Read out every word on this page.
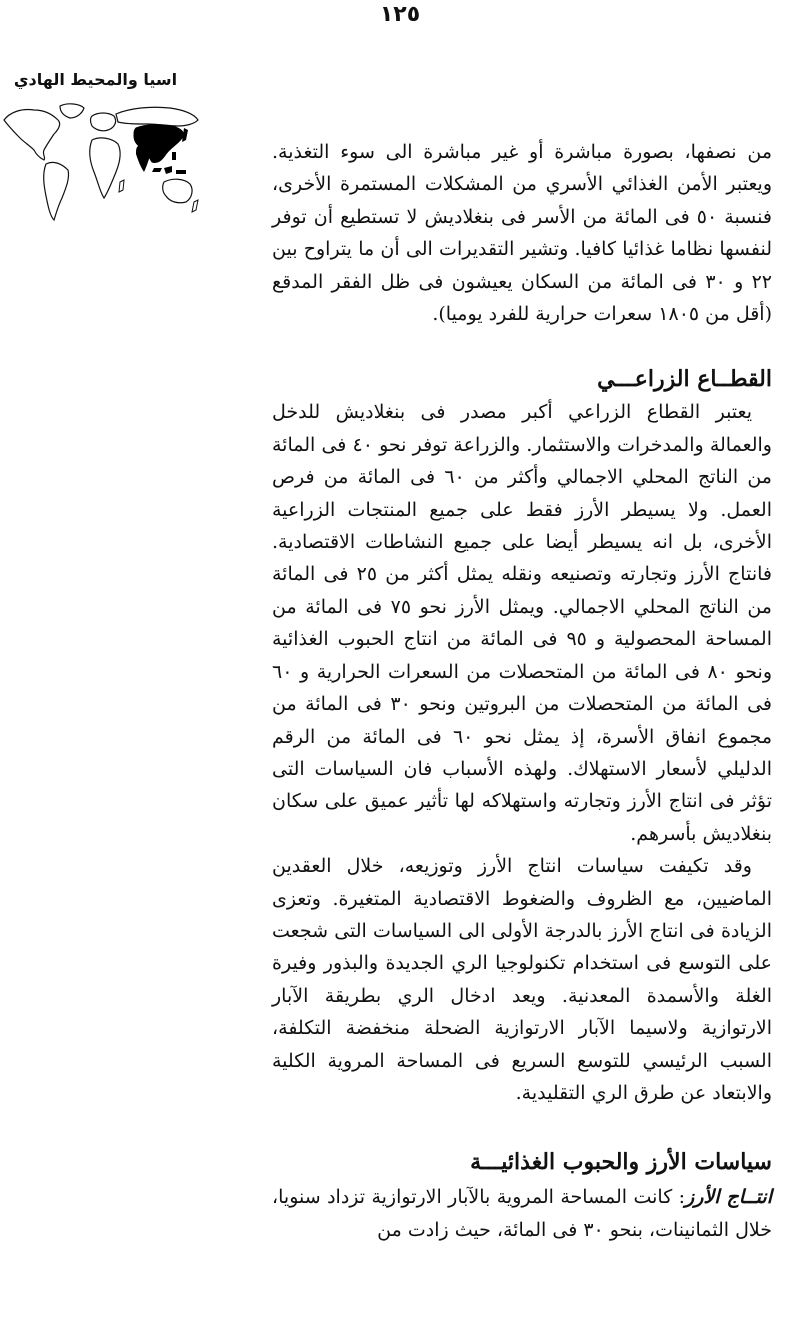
١٢٥
اسيا والمحيط الهادي

من نصفها، بصورة مباشرة أو غير مباشرة الى سوء التغذية. ويعتبر الأمن الغذائي الأسري من المشكلات المستمرة الأخرى، فنسبة ٥٠ فى المائة من الأسر فى بنغلاديش لا تستطيع أن توفر لنفسها نظاما غذائيا كافيا. وتشير التقديرات الى أن ما يتراوح بين ٢٢ و ٣٠ فى المائة من السكان يعيشون فى ظل الفقر المدقع (أقل من ١٨٠٥ سعرات حرارية للفرد يوميا).

القطــاع الزراعـــي

يعتبر القطاع الزراعي أكبر مصدر فى بنغلاديش للدخل والعمالة والمدخرات والاستثمار. والزراعة توفر نحو ٤٠ فى المائة من الناتج المحلي الاجمالي وأكثر من ٦٠ فى المائة من فرص العمل. ولا يسيطر الأرز فقط على جميع المنتجات الزراعية الأخرى، بل انه يسيطر أيضا على جميع النشاطات الاقتصادية. فانتاج الأرز وتجارته وتصنيعه ونقله يمثل أكثر من ٢٥ فى المائة من الناتج المحلي الاجمالي. ويمثل الأرز نحو ٧٥ فى المائة من المساحة المحصولية و ٩٥ فى المائة من انتاج الحبوب الغذائية ونحو ٨٠ فى المائة من المتحصلات من السعرات الحرارية و ٦٠ فى المائة من المتحصلات من البروتين ونحو ٣٠ فى المائة من مجموع انفاق الأسرة، إذ يمثل نحو ٦٠ فى المائة من الرقم الدليلي لأسعار الاستهلاك. ولهذه الأسباب فان السياسات التى تؤثر فى انتاج الأرز وتجارته واستهلاكه لها تأثير عميق على سكان بنغلاديش بأسرهم.

وقد تكيفت سياسات انتاج الأرز وتوزيعه، خلال العقدين الماضيين، مع الظروف والضغوط الاقتصادية المتغيرة. وتعزى الزيادة فى انتاج الأرز بالدرجة الأولى الى السياسات التى شجعت على التوسع فى استخدام تكنولوجيا الري الجديدة والبذور وفيرة الغلة والأسمدة المعدنية. ويعد ادخال الري بطريقة الآبار الارتوازية ولاسيما الآبار الارتوازية الضحلة منخفضة التكلفة، السبب الرئيسي للتوسع السريع فى المساحة المروية الكلية والابتعاد عن طرق الري التقليدية.

سياسات الأرز والحبوب الغذائيـــة

انتــاج الأرز: كانت المساحة المروية بالآبار الارتوازية تزداد سنويا، خلال الثمانينات، بنحو ٣٠ فى المائة، حيث زادت من
